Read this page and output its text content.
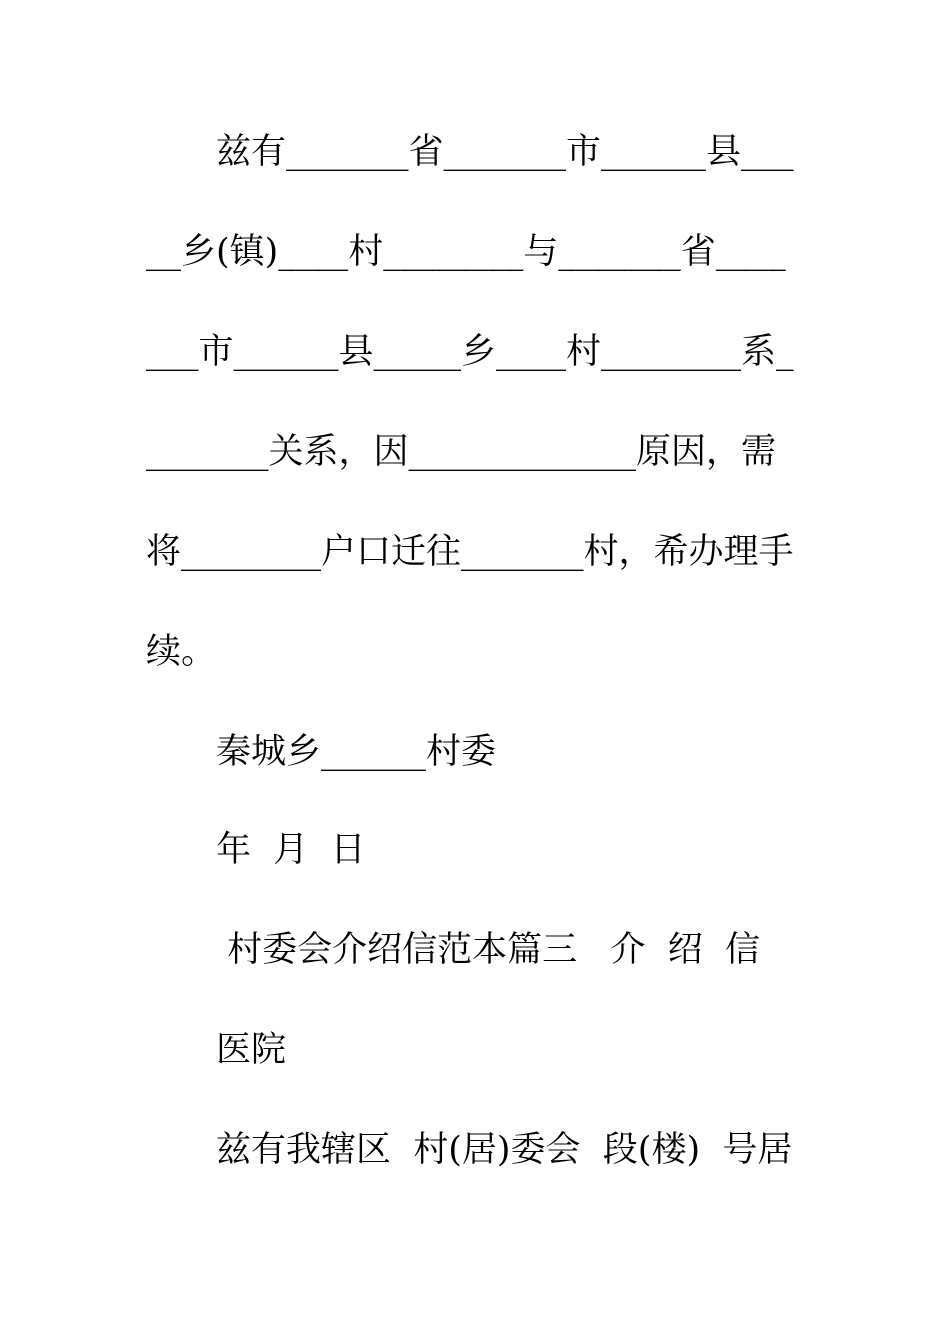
兹有_______省_______市______县___
__乡(镇)____村________与_______省____
___市______县_____乡____村________系_
_______关系，因_____________原因，需
将________户口迁往_______村，希办理手
续。
秦城乡______村委
年  月  日
村委会介绍信范本篇三   介  绍  信
医院
兹有我辖区  村(居)委会  段(楼)  号居
